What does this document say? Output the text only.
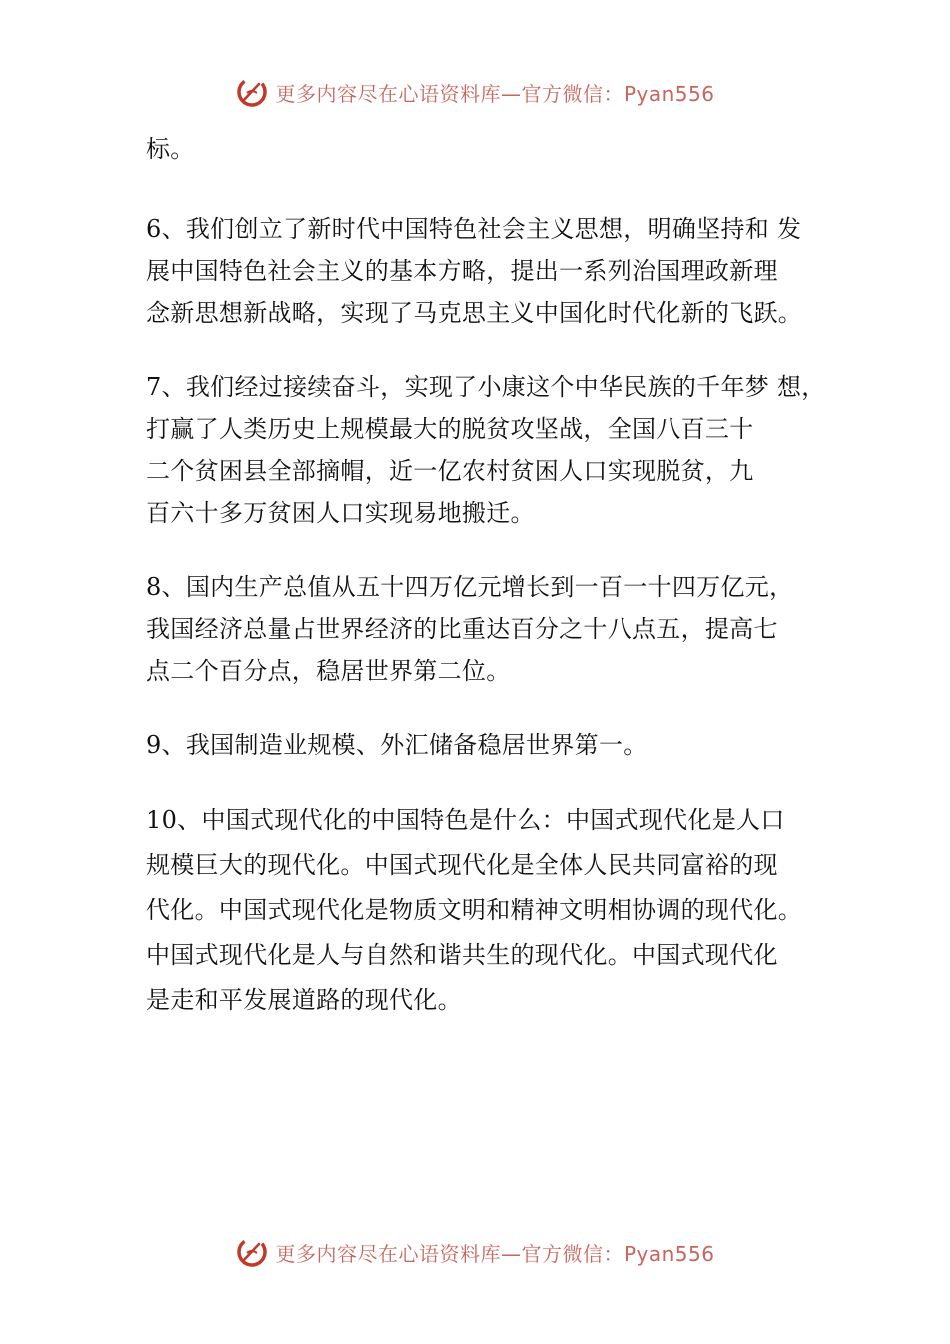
更多内容尽在心语资料库—官方微信：Pyan556
标。
6、我们创立了新时代中国特色社会主义思想，明确坚持和 发
展中国特色社会主义的基本方略，提出一系列治国理政新理
念新思想新战略，实现了马克思主义中国化时代化新的飞跃。
7、我们经过接续奋斗，实现了小康这个中华民族的千年梦 想，
打赢了人类历史上规模最大的脱贫攻坚战，全国八百三十
二个贫困县全部摘帽，近一亿农村贫困人口实现脱贫，九
百六十多万贫困人口实现易地搬迁。
8、国内生产总值从五十四万亿元增长到一百一十四万亿元，
我国经济总量占世界经济的比重达百分之十八点五，提高七
点二个百分点，稳居世界第二位。
9、我国制造业规模、外汇储备稳居世界第一。
10、中国式现代化的中国特色是什么：中国式现代化是人口
规模巨大的现代化。中国式现代化是全体人民共同富裕的现
代化。中国式现代化是物质文明和精神文明相协调的现代化。
中国式现代化是人与自然和谐共生的现代化。中国式现代化
是走和平发展道路的现代化。
更多内容尽在心语资料库—官方微信：Pyan556
